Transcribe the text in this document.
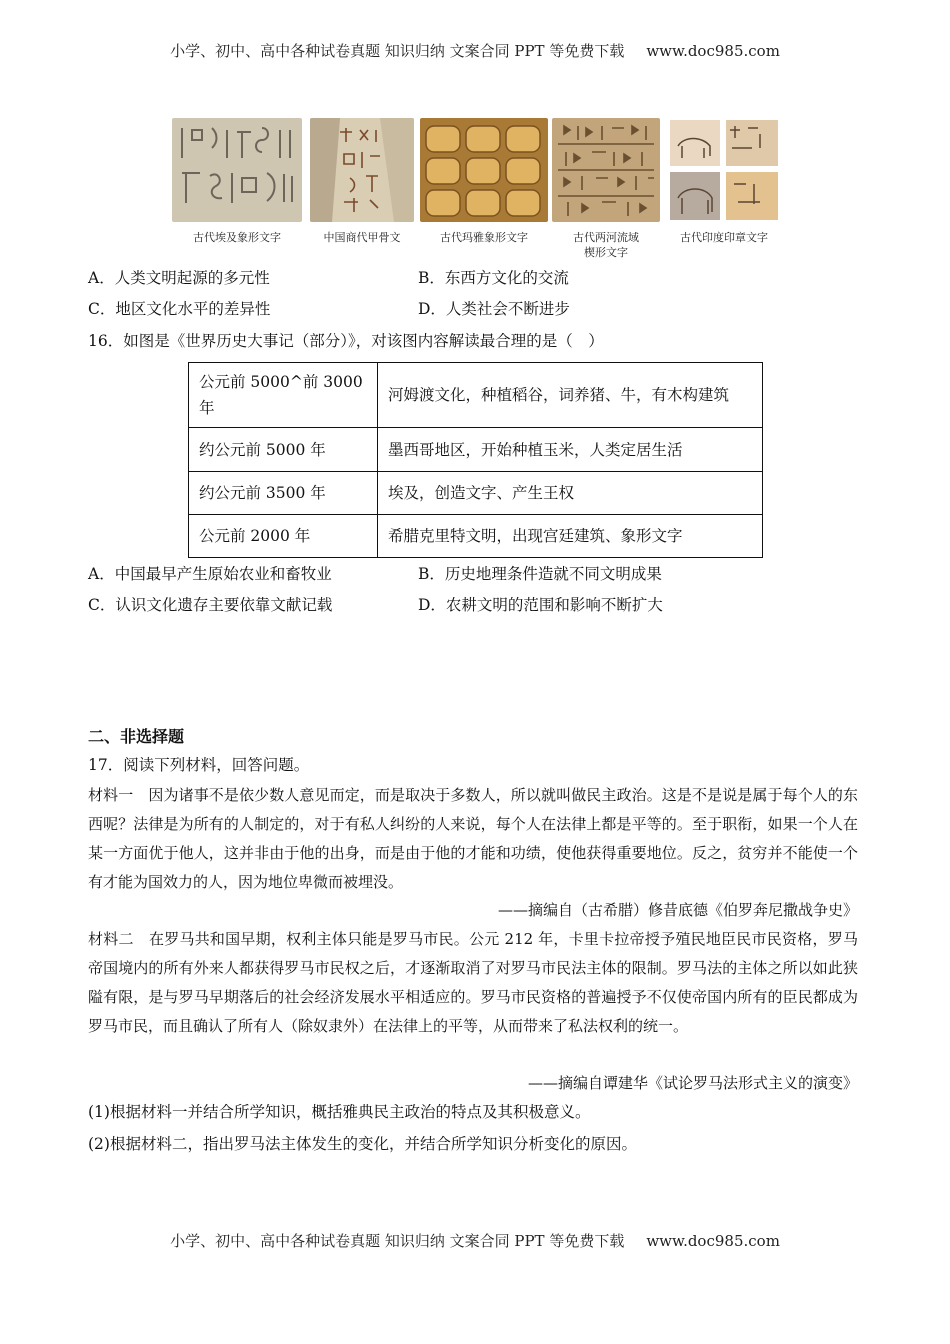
小学、初中、高中各种试卷真题 知识归纳 文案合同 PPT 等免费下载 www.doc985.com
古代埃及象形文字	中国商代甲骨文	古代玛雅象形文字	古代两河流域
楔形文字
古代印度印章文字
A．人类文明起源的多元性	B．东西方文化的交流
C．地区文化水平的差异性	D．人类社会不断进步
16．如图是《世界历史大事记（部分）》，对该图内容解读最合理的是（　）
公元前 5000^前 3000 年	河姆渡文化，种植稻谷，词养猪、牛，有木构建筑
约公元前 5000 年	墨西哥地区，开始种植玉米，人类定居生活
约公元前 3500 年	埃及，创造文字、产生王权
公元前 2000 年	希腊克里特文明，出现宫廷建筑、象形文字
A．中国最早产生原始农业和畜牧业	B．历史地理条件造就不同文明成果
C．认识文化遗存主要依靠文献记载	D．农耕文明的范围和影响不断扩大
二、非选择题
17．阅读下列材料，回答问题。
材料一　因为诸事不是依少数人意见而定，而是取决于多数人，所以就叫做民主政治。这是不是说是属于每个人的东西呢？法律是为所有的人制定的，对于有私人纠纷的人来说，每个人在法律上都是平等的。至于职衔，如果一个人在某一方面优于他人，这并非由于他的出身，而是由于他的才能和功绩，使他获得重要地位。反之，贫穷并不能使一个有才能为国效力的人，因为地位卑微而被埋没。
——摘编自（古希腊）修昔底德《伯罗奔尼撒战争史》
材料二　在罗马共和国早期，权利主体只能是罗马市民。公元 212 年，卡里卡拉帝授予殖民地臣民市民资格，罗马帝国境内的所有外来人都获得罗马市民权之后，才逐渐取消了对罗马市民法主体的限制。罗马法的主体之所以如此狭隘有限，是与罗马早期落后的社会经济发展水平相适应的。罗马市民资格的普遍授予不仅使帝国内所有的臣民都成为罗马市民，而且确认了所有人（除奴隶外）在法律上的平等，从而带来了私法权利的统一。
——摘编自谭建华《试论罗马法形式主义的演变》
(1)根据材料一并结合所学知识，概括雅典民主政治的特点及其积极意义。
(2)根据材料二，指出罗马法主体发生的变化，并结合所学知识分析变化的原因。
小学、初中、高中各种试卷真题 知识归纳 文案合同 PPT 等免费下载 www.doc985.com
